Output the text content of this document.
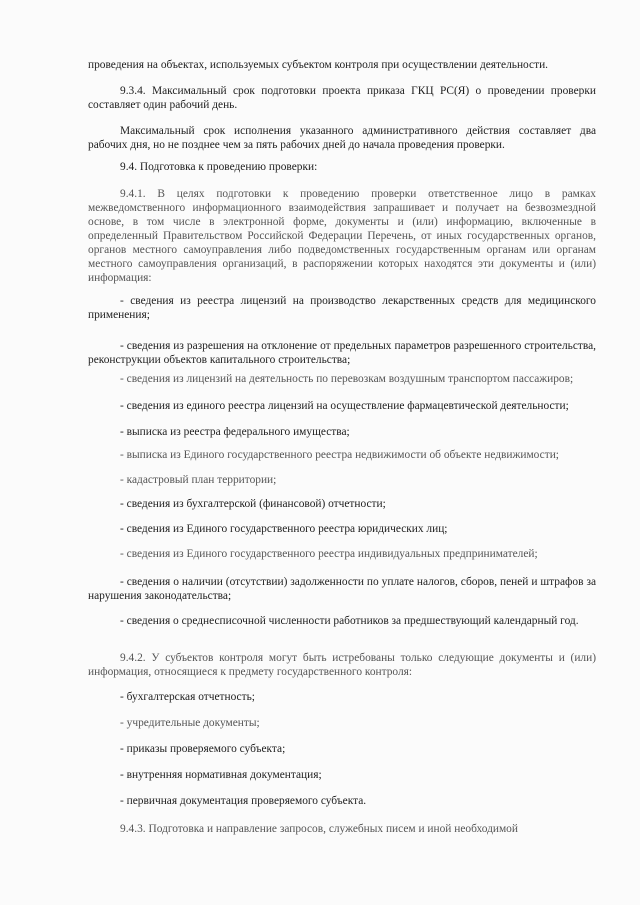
проведения на объектах, используемых субъектом контроля при осуществлении деятельности.

9.3.4. Максимальный срок подготовки проекта приказа ГКЦ РС(Я) о проведении проверки составляет один рабочий день.

Максимальный срок исполнения указанного административного действия составляет два рабочих дня, но не позднее чем за пять рабочих дней до начала проведения проверки.

9.4. Подготовка к проведению проверки:

9.4.1. В целях подготовки к проведению проверки ответственное лицо в рамках межведомственного информационного взаимодействия запрашивает и получает на безвозмездной основе, в том числе в электронной форме, документы и (или) информацию, включенные в определенный Правительством Российской Федерации Перечень, от иных государственных органов, органов местного самоуправления либо подведомственных государственным органам или органам местного самоуправления организаций, в распоряжении которых находятся эти документы и (или) информация:

- сведения из реестра лицензий на производство лекарственных средств для медицинского применения;

- сведения из разрешения на отклонение от предельных параметров разрешенного строительства, реконструкции объектов капитального строительства;

- сведения из лицензий на деятельность по перевозкам воздушным транспортом пассажиров;

- сведения из единого реестра лицензий на осуществление фармацевтической деятельности;

- выписка из реестра федерального имущества;

- выписка из Единого государственного реестра недвижимости об объекте недвижимости;

- кадастровый план территории;

- сведения из бухгалтерской (финансовой) отчетности;

- сведения из Единого государственного реестра юридических лиц;

- сведения из Единого государственного реестра индивидуальных предпринимателей;

- сведения о наличии (отсутствии) задолженности по уплате налогов, сборов, пеней и штрафов за нарушения законодательства;

- сведения о среднесписочной численности работников за предшествующий календарный год.

9.4.2. У субъектов контроля могут быть истребованы только следующие документы и (или) информация, относящиеся к предмету государственного контроля:

- бухгалтерская отчетность;

- учредительные документы;

- приказы проверяемого субъекта;

- внутренняя нормативная документация;

- первичная документация проверяемого субъекта.

9.4.3. Подготовка и направление запросов, служебных писем и иной необходимой
